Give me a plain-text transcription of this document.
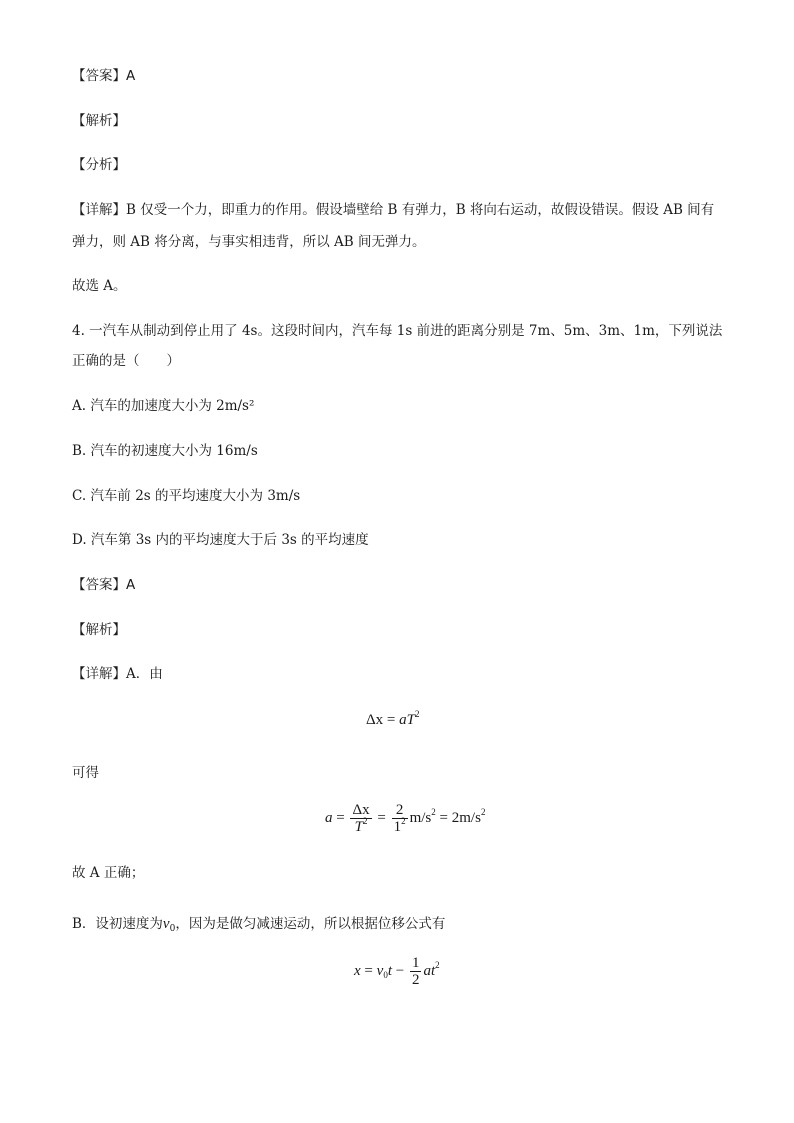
【答案】A
【解析】
【分析】
【详解】B 仅受一个力，即重力的作用。假设墙壁给 B 有弹力，B 将向右运动，故假设错误。假设 AB 间有
弹力，则 AB 将分离，与事实相违背，所以 AB 间无弹力。
故选 A。
4. 一汽车从制动到停止用了 4s。这段时间内，汽车每 1s 前进的距离分别是 7m、5m、3m、1m，下列说法
正确的是（　　）
A. 汽车的加速度大小为 2m/s²
B. 汽车的初速度大小为 16m/s
C. 汽车前 2s 的平均速度大小为 3m/s
D. 汽车第 3s 内的平均速度大于后 3s 的平均速度
【答案】A
【解析】
【详解】A．由
$\Delta x = aT^2$
可得
$a = \frac{\Delta x}{T^2} = \frac{2}{1^2} m/s^2 = 2m/s^2$
故 A 正确；
B．设初速度为$v_0$，因为是做匀减速运动，所以根据位移公式有
$x = v_0t - \frac{1}{2} at^2$
